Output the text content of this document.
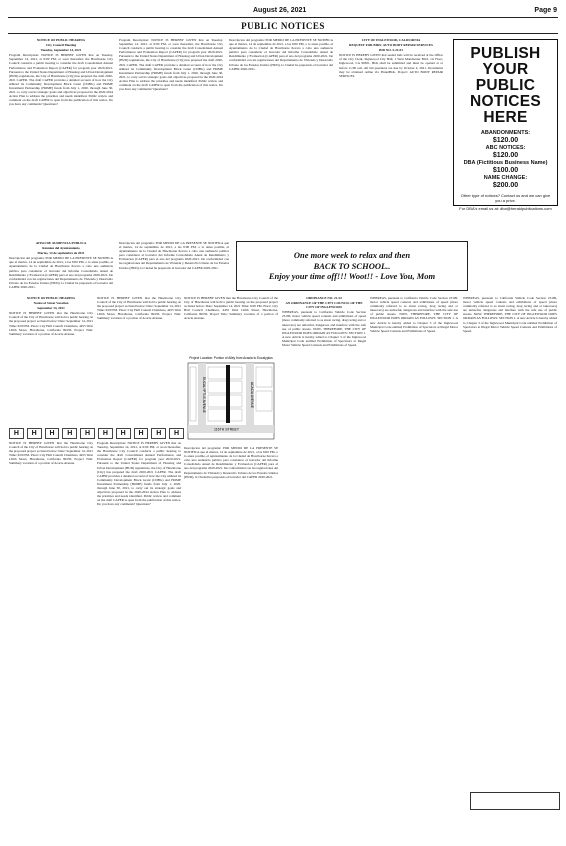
August 26, 2021	Page 9
PUBLIC NOTICES

NOTICE OF PUBLIC HEARING

City Council Meeting

Tuesday, September 14, 2021

Program Description: NOTICE IS HEREBY GIVEN that on Tuesday, September 14, 2021, at 6:00 PM, or soon thereafter, the Hawthorne City Council conducts a public hearing to consider the draft Consolidated Annual Performance and Evaluation Report (CAPER) for program year 2020-2021. Pursuant to the United States Department of Housing and Urban Development (HUD) regulations, the City of Hawthorne (City) has prepared the draft 2020-2021 CAPER. The draft CAPER provides a detailed account of how the City utilized its Community Development Block Grant (CDBG) and HOME Investment Partnership (HOME) funds from July 1, 2020, through June 30, 2021, to carry out its strategic goals and objectives proposed in the 2020-2024 Action Plan to address the priorities and needs identified. Public review and comment on the draft CAPER is open from the publication of this notice. Do you have any comments? Questions?

Program Description: NOTICE IS HEREBY GIVEN that on Tuesday, September 14, 2021, at 6:00 PM, or soon thereafter, the Hawthorne City Council conducts a public hearing to consider the draft Consolidated Annual Performance and Evaluation Report (CAPER) for program year 2020-2021. Pursuant to the United States Department of Housing and Urban Development (HUD) regulations, the City of Hawthorne (City) has prepared the draft 2020-2021 CAPER. The draft CAPER provides a detailed account of how the City utilized its Community Development Block Grant (CDBG) and HOME Investment Partnership (HOME) funds from July 1, 2020, through June 30, 2021, to carry out its strategic goals and objectives proposed in the 2020-2024 Action Plan to address the priorities and needs identified. Public review and comment on the draft CAPER is open from the publication of this notice. Do you have any comments? Questions?

Descripcion del programa: POR MEDIO DE LA PRESENTE SE NOTIFICA que el martes, 14 de septiembre de 2021, a las 6:00 PM, o lo antes posible, el Ayuntamiento de la Ciudad de Hawthorne llevara a cabo una audiencia publica para considerar el borrador del Informe Consolidado Anual de Rendimiento y Evaluacion (CAPER) para el ano del programa 2020-2021. De conformidad con las regulaciones del Departamento de Vivienda y Desarrollo Urbano de los Estados Unidos (HUD), la Ciudad ha preparado el borrador del CAPER 2020-2021.

CITY OF INGLEWOOD, CALIFORNIA

REQUEST FOR BIDS: AUTO BODY REPAIR SERVICES

BID NO. 5-22-03

NOTICE IS HEREBY GIVEN that sealed bids will be received at the Office of the City Clerk, Inglewood City Hall, 1 West Manchester Blvd, 1st Floor, Inglewood, CA 90301. Bids shall be submitted and must be opened at or before 11:00 a.m. All bid questions are due by October 4, 2021. Documents may be obtained online via PlanetBids. Project: AUTO BODY REPAIR SERVICES.

PUBLISH YOUR PUBLIC NOTICES HERE
ABANDONMENTS:
$120.00
ABC NOTICES:
$120.00
DBA (Fictitious Business Name)
$100.00
NAME CHANGE:
$200.00
Other type of notices? Contact us and we can give you a price.
For DBA's email us at: dba@heraldpublications.com

AVISO DE AUDIENCIA PUBLICA

Reunion del Ayuntamiento

Martes, 14 de septiembre de 2021

Descripcion del programa: POR MEDIO DE LA PRESENTE SE NOTIFICA que el martes, 14 de septiembre de 2021, a las 6:00 PM, o lo antes posible, el Ayuntamiento de la Ciudad de Hawthorne llevara a cabo una audiencia publica para considerar el borrador del Informe Consolidado Anual de Rendimiento y Evaluacion (CAPER) para el ano del programa 2020-2021. De conformidad con las regulaciones del Departamento de Vivienda y Desarrollo Urbano de los Estados Unidos (HUD), la Ciudad ha preparado el borrador del CAPER 2020-2021.

Descripcion del programa: POR MEDIO DE LA PRESENTE SE NOTIFICA que el martes, 14 de septiembre de 2021, a las 6:00 PM, o lo antes posible, el Ayuntamiento de la Ciudad de Hawthorne llevara a cabo una audiencia publica para considerar el borrador del Informe Consolidado Anual de Rendimiento y Evaluacion (CAPER) para el ano del programa 2020-2021. De conformidad con las regulaciones del Departamento de Vivienda y Desarrollo Urbano de los Estados Unidos (HUD), la Ciudad ha preparado el borrador del CAPER 2020-2021.

One more week to relax and then
BACK TO SCHOOL..
Enjoy your time off!!! Woot!! - Love You, Mom

NOTICE OF PUBLIC HEARING

Notice of Street Vacation

September 14, 2021

NOTICE IS HEREBY GIVEN that the Hawthorne City Council of the City of Hawthorne will hold a public hearing on the proposed project as listed below: Date: September 14, 2021 Time: 6:00 PM. Place: City Hall Council Chambers, 4455 West 126th Street, Hawthorne, California 90250. Project Title: Summary vacation of a portion of Acacia Avenue.

NOTICE IS HEREBY GIVEN that the Hawthorne City Council of the City of Hawthorne will hold a public hearing on the proposed project as listed below: Date: September 14, 2021 Time: 6:00 PM. Place: City Hall Council Chambers, 4455 West 126th Street, Hawthorne, California 90250. Project Title: Summary vacation of a portion of Acacia Avenue.

NOTICE IS HEREBY GIVEN that the Hawthorne City Council of the City of Hawthorne will hold a public hearing on the proposed project as listed below: Date: September 14, 2021 Time: 6:00 PM. Place: City Hall Council Chambers, 4455 West 126th Street, Hawthorne, California 90250. Project Title: Summary vacation of a portion of Acacia Avenue.

Project Location: Portion of Alley from Acacia to Eucalyptus
116TH STREET
ACACIA AVENUE
EUCALYPTUS AVENUE
H	H	H	H	H	H	H	H	H	H

NOTICE IS HEREBY GIVEN that the Hawthorne City Council of the City of Hawthorne will hold a public hearing on the proposed project as listed below: Date: September 14, 2021 Time: 6:00 PM. Place: City Hall Council Chambers, 4455 West 126th Street, Hawthorne, California 90250. Project Title: Summary vacation of a portion of Acacia Avenue.

Program Description: NOTICE IS HEREBY GIVEN that on Tuesday, September 14, 2021, at 6:00 PM, or soon thereafter, the Hawthorne City Council conducts a public hearing to consider the draft Consolidated Annual Performance and Evaluation Report (CAPER) for program year 2020-2021. Pursuant to the United States Department of Housing and Urban Development (HUD) regulations, the City of Hawthorne (City) has prepared the draft 2020-2021 CAPER. The draft CAPER provides a detailed account of how the City utilized its Community Development Block Grant (CDBG) and HOME Investment Partnership (HOME) funds from July 1, 2020, through June 30, 2021, to carry out its strategic goals and objectives proposed in the 2020-2024 Action Plan to address the priorities and needs identified. Public review and comment on the draft CAPER is open from the publication of this notice. Do you have any comments? Questions?

Descripcion del programa: POR MEDIO DE LA PRESENTE SE NOTIFICA que el martes, 14 de septiembre de 2021, a las 6:00 PM, o lo antes posible, el Ayuntamiento de la Ciudad de Hawthorne llevara a cabo una audiencia publica para considerar el borrador del Informe Consolidado Anual de Rendimiento y Evaluacion (CAPER) para el ano del programa 2020-2021. De conformidad con las regulaciones del Departamento de Vivienda y Desarrollo Urbano de los Estados Unidos (HUD), la Ciudad ha preparado el borrador del CAPER 2020-2021.

ORDINANCE NO. 21-54

AN ORDINANCE OF THE CITY COUNCIL OF THE CITY OF INGLEWOOD

WHEREAS, pursuant to California Vehicle Code Section 23109, motor vehicle speed contests and exhibitions of speed (more commonly referred to as street racing, drag racing and or takeovers) are unlawful, dangerous and interfere with the safe use of public streets. NOW, THEREFORE, THE CITY OF INGLEWOOD DOES ORDAIN AS FOLLOWS: SECTION 1. A new Article is hereby added to Chapter 3 of the Inglewood Municipal Code entitled Prohibition of Spectators at Illegal Motor Vehicle Speed Contests and Exhibitions of Speed.

WHEREAS, pursuant to California Vehicle Code Section 23109, motor vehicle speed contests and exhibitions of speed (more commonly referred to as street racing, drag racing and or takeovers) are unlawful, dangerous and interfere with the safe use of public streets. NOW, THEREFORE, THE CITY OF INGLEWOOD DOES ORDAIN AS FOLLOWS: SECTION 1. A new Article is hereby added to Chapter 3 of the Inglewood Municipal Code entitled Prohibition of Spectators at Illegal Motor Vehicle Speed Contests and Exhibitions of Speed.

WHEREAS, pursuant to California Vehicle Code Section 23109, motor vehicle speed contests and exhibitions of speed (more commonly referred to as street racing, drag racing and or takeovers) are unlawful, dangerous and interfere with the safe use of public streets. NOW, THEREFORE, THE CITY OF INGLEWOOD DOES ORDAIN AS FOLLOWS: SECTION 1. A new Article is hereby added to Chapter 3 of the Inglewood Municipal Code entitled Prohibition of Spectators at Illegal Motor Vehicle Speed Contests and Exhibitions of Speed.
